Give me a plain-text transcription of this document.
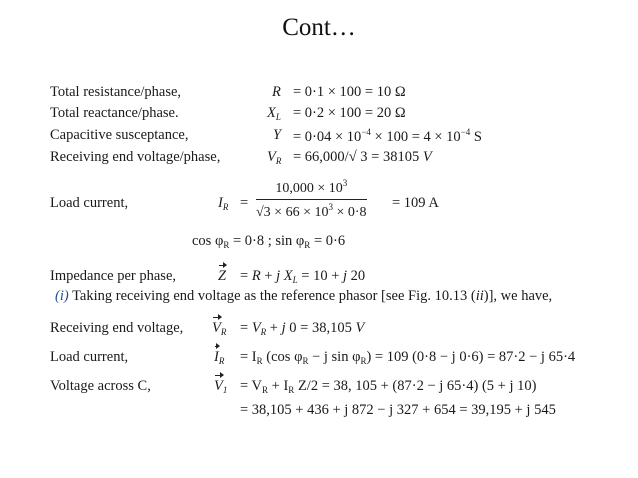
Cont…
Total resistance/phase,	R = 0·1 × 100 = 10 Ω
Total reactance/phase.	$X_L = 0\cdot 2 \times 100 = 20$ Ω
Capacitive susceptance,	$Y = 0\cdot 04 \times 10^{-4} \times 100 = 4 \times 10^{-4}$ S
Receiving end voltage/phase,	$V_R = 66,000/√$ 3 = 38105 V
Load current,	$I_R = \frac{10,000 \times 10^3}{√3 \times 66 \times 10^3 \times 0\cdot 8} = 109$ A
$\cos \varphi_R = 0\cdot 8$ ; $\sin \varphi_R = 0\cdot 6$
Impedance per phase,	Z = R + j $X_L = 10 + j$ 20
(i) Taking receiving end voltage as the reference phasor [see Fig. 10.13 (ii)], we have,
Receiving end voltage, $V_R = V_R + j$ 0 = 38,105 V
Load current,	$I_R = I_R$ (cos $\varphi_R - j$ $\sin \varphi_R) = 109$ (0·8 − j 0·6) = 87·2 − j 65·4
Voltage across C,	$V_1 = V_R + I_R$ Z/2 = 38, 105 + (87·2 − j 65·4) (5 + j 10)
= 38,105 + 436 + j 872 − j 327 + 654 = 39,195 + j 545
